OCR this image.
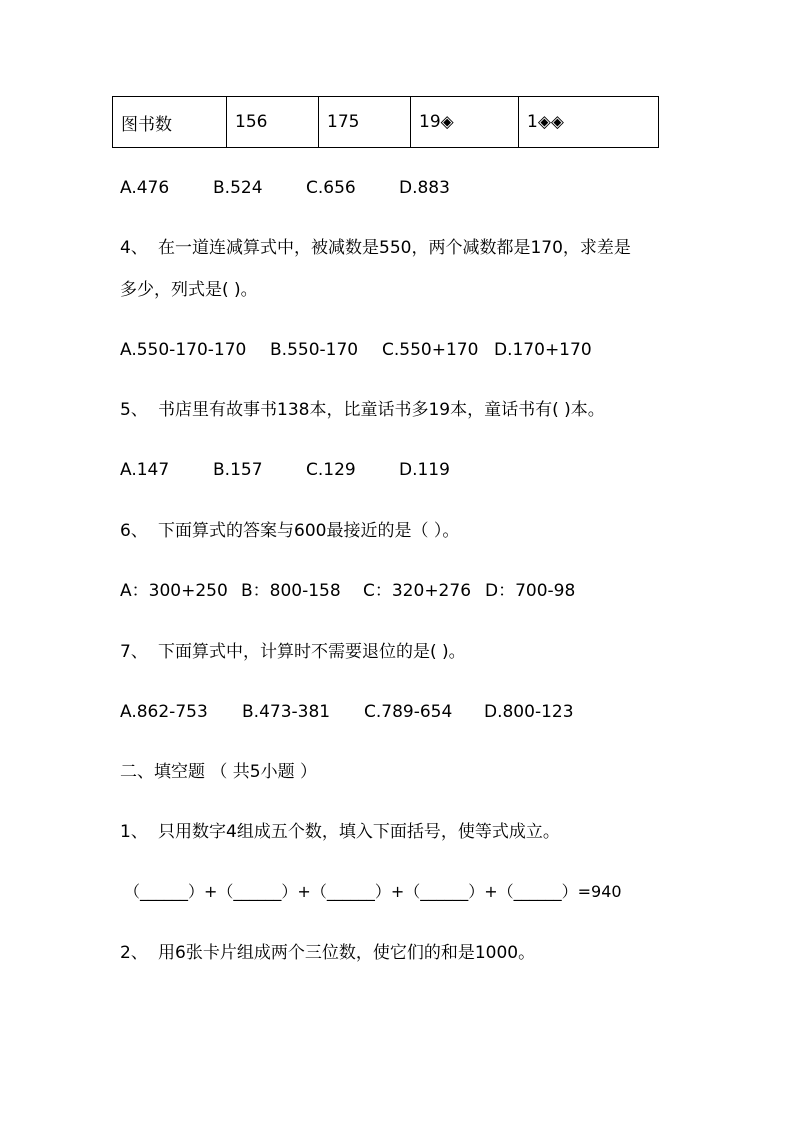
图书数	156	175	19◈	1◈◈
A.476	B.524	C.656	D.883
4、 在一道连减算式中，被减数是550，两个减数都是170，求差是
多少，列式是( )。
A.550-170-170 B.550-170 C.550+170 D.170+170
5、 书店里有故事书138本，比童话书多19本，童话书有( )本。
A.147	B.157	C.129	D.119
6、 下面算式的答案与600最接近的是（ ）。
A：300+250 B：800-158 C：320+276 D：700-98
7、 下面算式中，计算时不需要退位的是( )。
A.862-753 B.473-381 C.789-654 D.800-123
二、填空题 （ 共5小题 ）
1、 只用数字4组成五个数，填入下面括号，使等式成立。
（______）+（______）+（______）+（______）+（______）=940
2、 用6张卡片组成两个三位数，使它们的和是1000。
